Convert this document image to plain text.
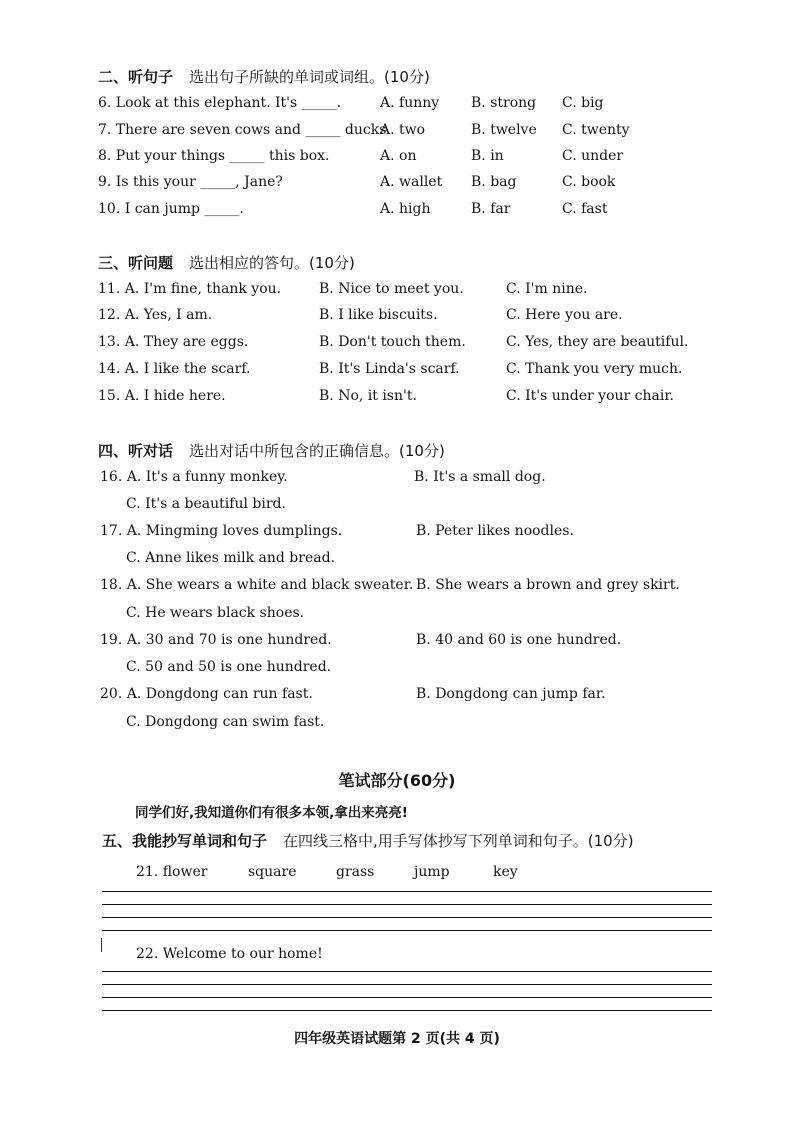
二、听句子 选出句子所缺的单词或词组。(10分)
6. Look at this elephant. It's _____.	A. funny B. strong C. big
7. There are seven cows and _____ ducks.
A. two	B. twelve C. twenty
8. Put your things _____ this box.	A. on	B. in	C. under
9. Is this your _____, Jane?	A. wallet B. bag	C. book
10. I can jump _____.	A. high	B. far	C. fast
三、听问题 选出相应的答句。(10分)
11. A. I'm fine, thank you.	B. Nice to meet you.	C. I'm nine.
12. A. Yes, I am.	B. I like biscuits.	C. Here you are.
13. A. They are eggs.	B. Don't touch them.	C. Yes, they are beautiful.
14. A. I like the scarf.	B. It's Linda's scarf.	C. Thank you very much.
15. A. I hide here.	B. No, it isn't.	C. It's under your chair.
四、听对话 选出对话中所包含的正确信息。(10分)
16. A. It's a funny monkey.	B. It's a small dog.
C. It's a beautiful bird.
17. A. Mingming loves dumplings.	B. Peter likes noodles.
C. Anne likes milk and bread.
18. A. She wears a white and black sweater. B. She wears a brown and grey skirt.
C. He wears black shoes.
19. A. 30 and 70 is one hundred.	B. 40 and 60 is one hundred.
C. 50 and 50 is one hundred.
20. A. Dongdong can run fast.	B. Dongdong can jump far.
C. Dongdong can swim fast.
笔试部分(60分)
同学们好,我知道你们有很多本领,拿出来亮亮!
五、我能抄写单词和句子 在四线三格中,用手写体抄写下列单词和句子。(10分)
21. flower	square	grass	jump	key
22. Welcome to our home!
四年级英语试题第 2 页(共 4 页)
